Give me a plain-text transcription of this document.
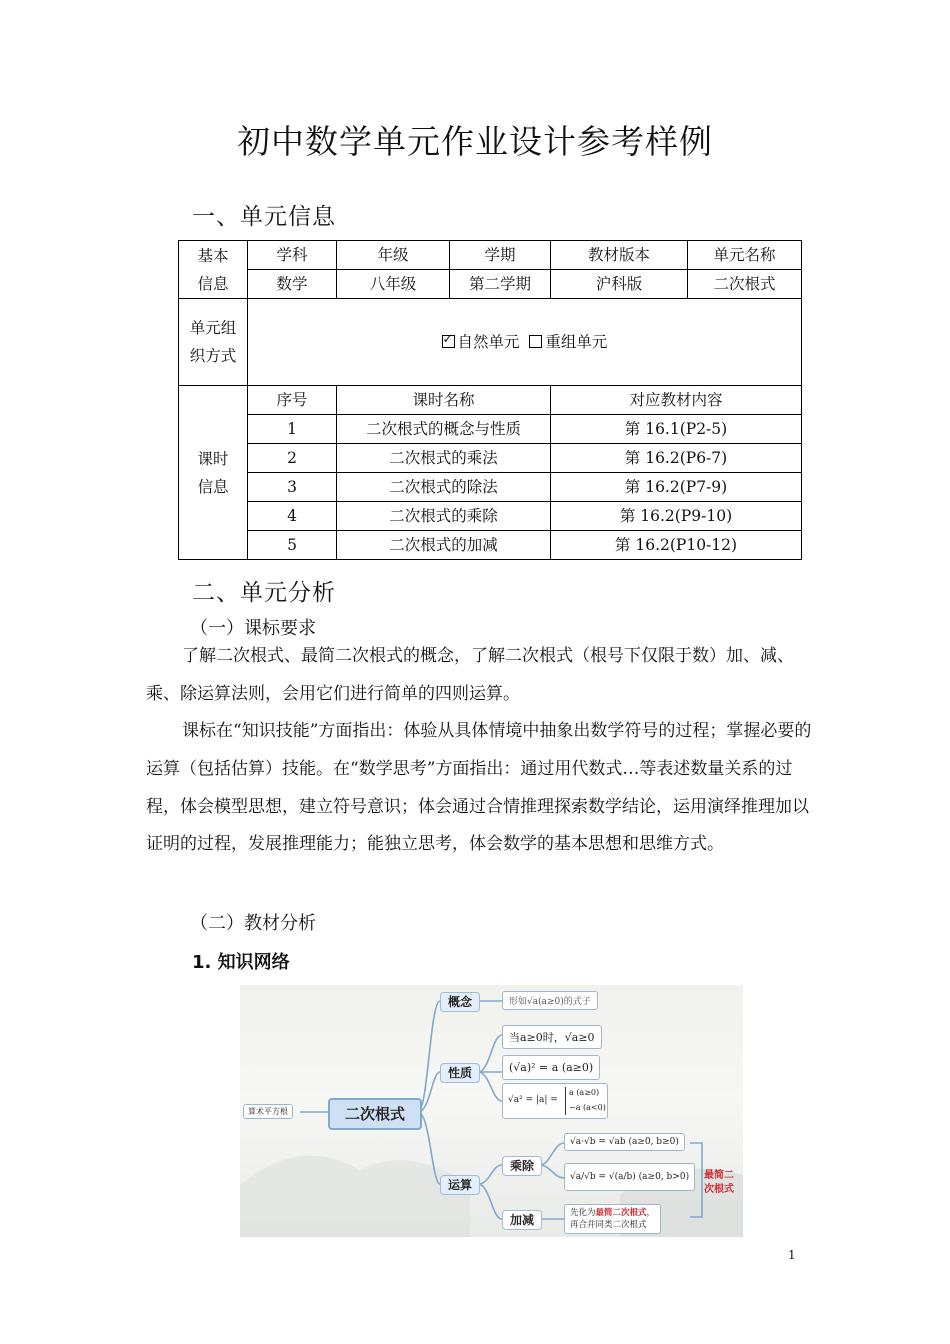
初中数学单元作业设计参考样例
一、单元信息
基本信息	学科	年级	学期	教材版本	单元名称
	数学	八年级	第二学期	沪科版	二次根式
单元组织方式	✓ 自然单元 重组单元				
课时信息	序号	课时名称		对应教材内容	
	1	二次根式的概念与性质		第 16.1(P2-5)	
	2	二次根式的乘法		第 16.2(P6-7)	
	3	二次根式的除法		第 16.2(P7-9)	
	4	二次根式的乘除		第 16.2(P9-10)	
	5	二次根式的加减		第 16.2(P10-12)	
二、单元分析
（一）课标要求

了解二次根式、最简二次根式的概念，了解二次根式（根号下仅限于数）加、减、乘、除运算法则，会用它们进行简单的四则运算。

课标在“知识技能”方面指出：体验从具体情境中抽象出数学符号的过程；掌握必要的运算（包括估算）技能。在“数学思考”方面指出：通过用代数式…等表述数量关系的过程，体会模型思想，建立符号意识；体会通过合情推理探索数学结论，运用演绎推理加以证明的过程，发展推理能力；能独立思考，体会数学的基本思想和思维方式。

（二）教材分析
1. 知识网络
算术平方根	二次根式
概念	形如√a(a≥0)的式子
性质
当a≥0时，√a≥0
(√a)² = a (a≥0)
√a² = |a| =
a (a≥0)
−a (a<0)
运算
乘除
√a·√b = √ab (a≥0, b≥0)
√a/√b = √(a/b) (a≥0, b>0)
加减	先化为最简二次根式，
再合并同类二次根式
最简二次根式
1
